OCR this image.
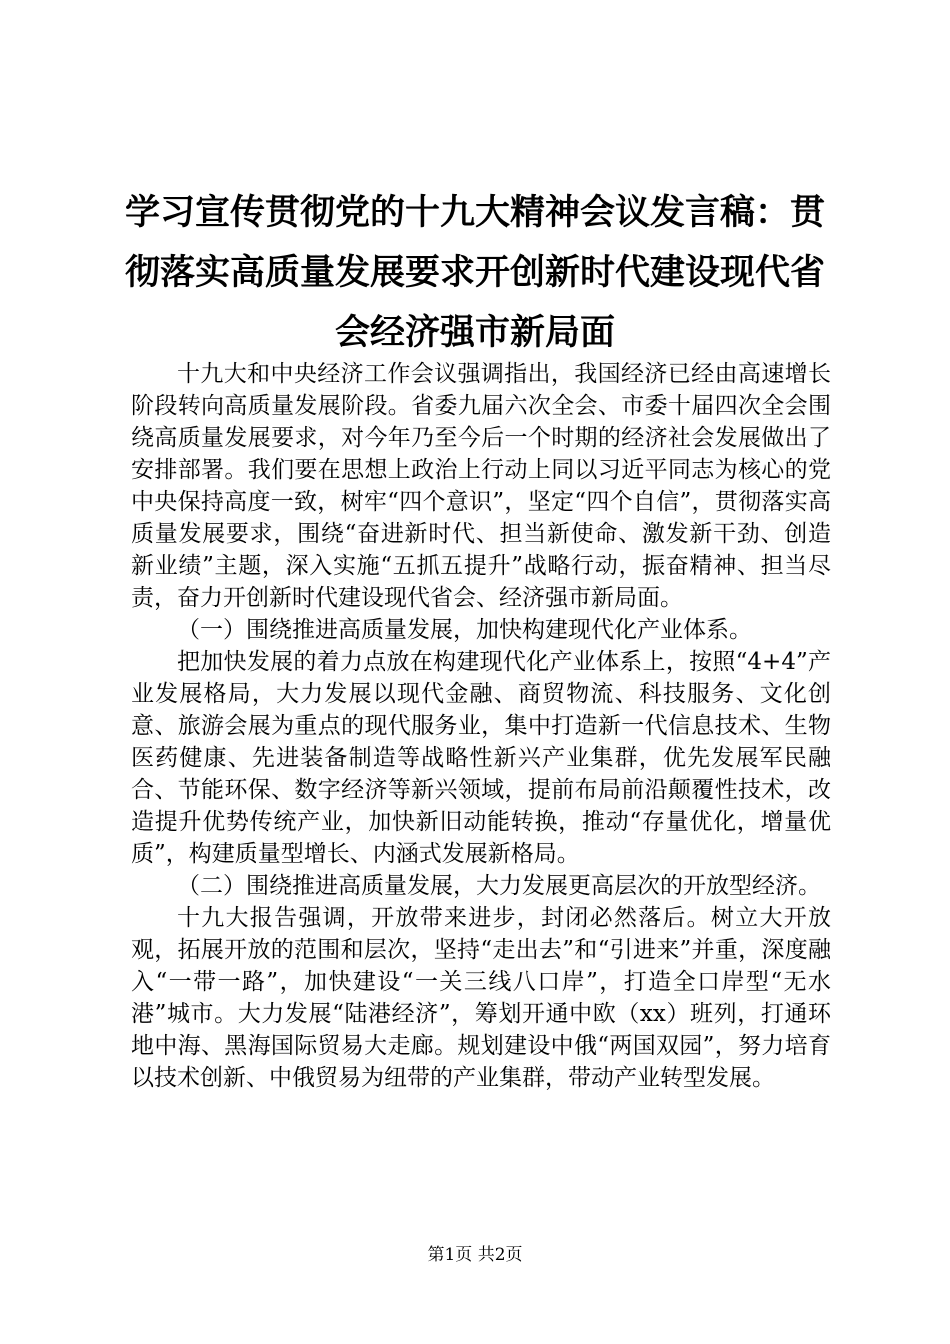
学习宣传贯彻党的十九大精神会议发言稿：贯
彻落实高质量发展要求开创新时代建设现代省
会经济强市新局面

十九大和中央经济工作会议强调指出，我国经济已经由高速增长阶段转向高质量发展阶段。省委九届六次全会、市委十届四次全会围绕高质量发展要求，对今年乃至今后一个时期的经济社会发展做出了安排部署。我们要在思想上政治上行动上同以习近平同志为核心的党中央保持高度一致，树牢“四个意识”，坚定“四个自信”，贯彻落实高质量发展要求，围绕“奋进新时代、担当新使命、激发新干劲、创造新业绩”主题，深入实施“五抓五提升”战略行动，振奋精神、担当尽责，奋力开创新时代建设现代省会、经济强市新局面。

（一）围绕推进高质量发展，加快构建现代化产业体系。

把加快发展的着力点放在构建现代化产业体系上，按照“4+4”产业发展格局，大力发展以现代金融、商贸物流、科技服务、文化创意、旅游会展为重点的现代服务业，集中打造新一代信息技术、生物医药健康、先进装备制造等战略性新兴产业集群，优先发展军民融合、节能环保、数字经济等新兴领域，提前布局前沿颠覆性技术，改造提升优势传统产业，加快新旧动能转换，推动“存量优化，增量优质”，构建质量型增长、内涵式发展新格局。

（二）围绕推进高质量发展，大力发展更高层次的开放型经济。

十九大报告强调，开放带来进步，封闭必然落后。树立大开放观，拓展开放的范围和层次，坚持“走出去”和“引进来”并重，深度融入“一带一路”，加快建设“一关三线八口岸”，打造全口岸型“无水港”城市。大力发展“陆港经济”，筹划开通中欧（xx）班列，打通环地中海、黑海国际贸易大走廊。规划建设中俄“两国双园”，努力培育以技术创新、中俄贸易为纽带的产业集群，带动产业转型发展。

第1页 共2页
